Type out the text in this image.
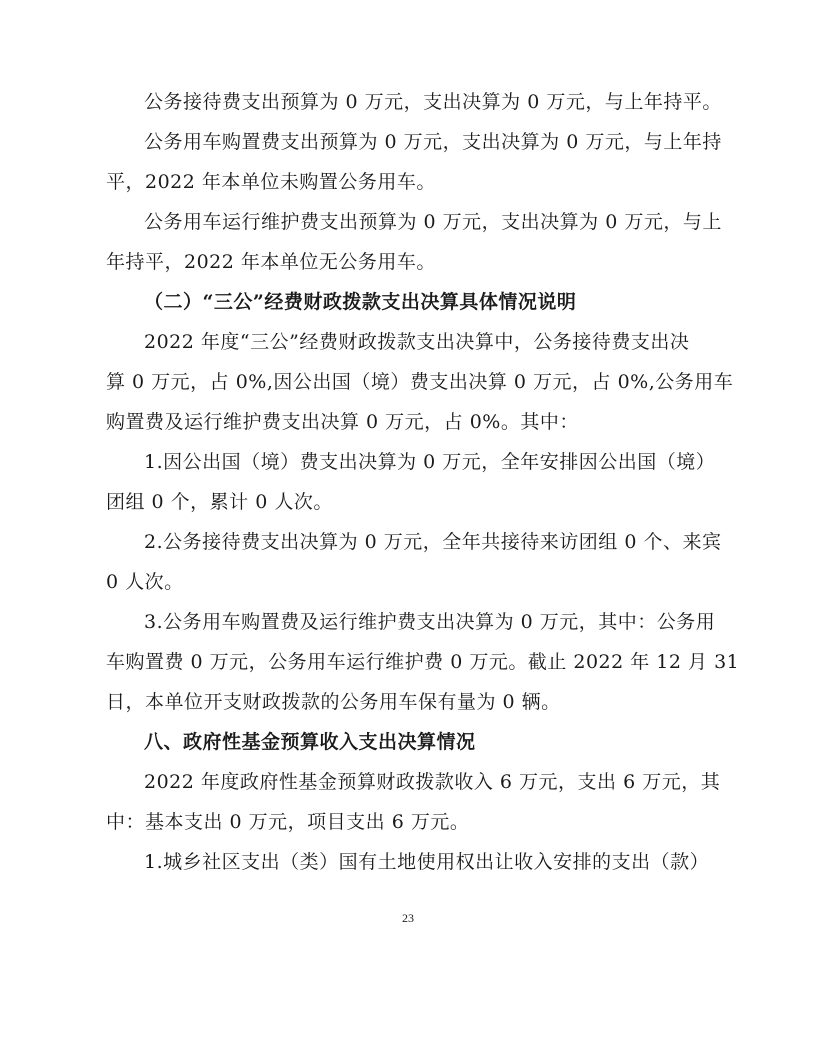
公务接待费支出预算为 0 万元，支出决算为 0 万元，与上年持平。

公务用车购置费支出预算为 0 万元，支出决算为 0 万元，与上年持
平，2022 年本单位未购置公务用车。

公务用车运行维护费支出预算为 0 万元，支出决算为 0 万元，与上
年持平，2022 年本单位无公务用车。

（二）“三公”经费财政拨款支出决算具体情况说明

2022 年度“三公”经费财政拨款支出决算中，公务接待费支出决
算 0 万元，占 0%,因公出国（境）费支出决算 0 万元，占 0%,公务用车
购置费及运行维护费支出决算 0 万元，占 0%。其中：

1.因公出国（境）费支出决算为 0 万元，全年安排因公出国（境）
团组 0 个，累计 0 人次。

2.公务接待费支出决算为 0 万元，全年共接待来访团组 0 个、来宾
0 人次。

3.公务用车购置费及运行维护费支出决算为 0 万元，其中：公务用
车购置费 0 万元，公务用车运行维护费 0 万元。截止 2022 年 12 月 31
日，本单位开支财政拨款的公务用车保有量为 0 辆。

八、政府性基金预算收入支出决算情况

2022 年度政府性基金预算财政拨款收入 6 万元，支出 6 万元，其
中：基本支出 0 万元，项目支出 6 万元。

1.城乡社区支出（类）国有土地使用权出让收入安排的支出（款）

23
